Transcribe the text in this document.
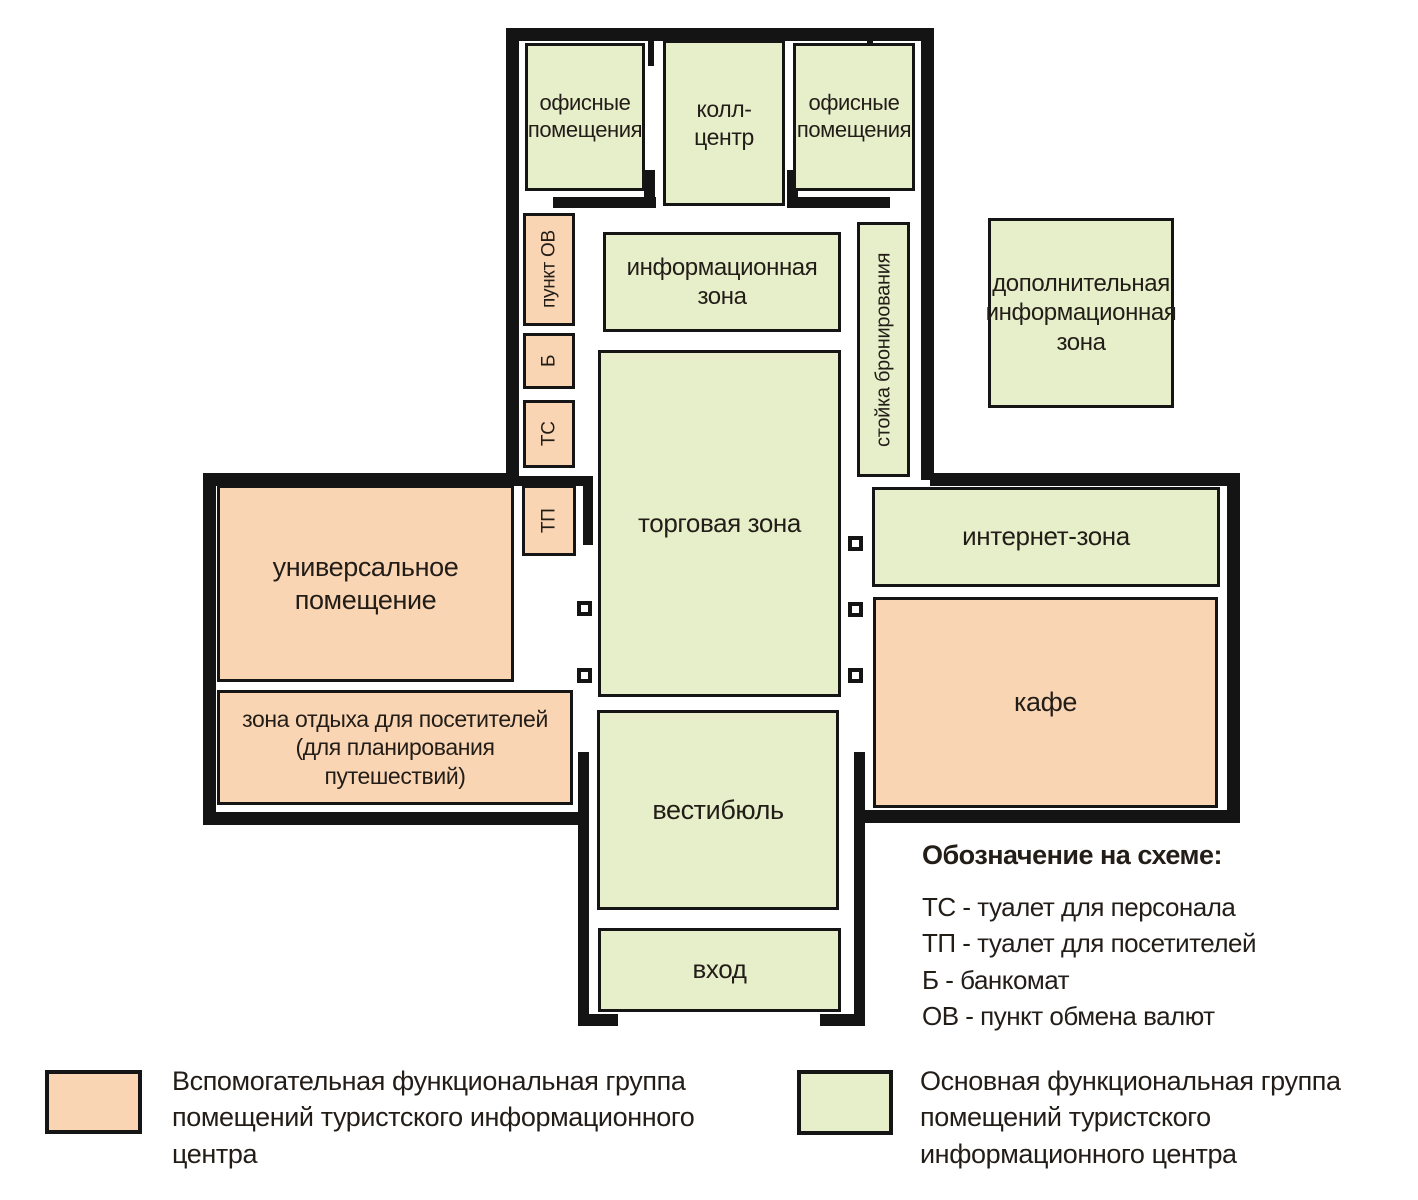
офисные помещения
колл-центр
офисные помещения
пункт ОВ
Б
ТС
ТП
информационная зона	стойка бронирования	дополнительная информационная зона
торговая зона
универсальное помещение
зона отдыха для посетителей (для планирования путешествий)
интернет-зона
кафе
вестибюль
вход
Обозначение на схеме:
ТС - туалет для персонала
ТП - туалет для посетителей
Б - банкомат
ОВ - пункт обмена валют
Вспомогательная функциональная группа помещений туристского информационного центра
Основная функциональная группа помещений туристского информационного центра
